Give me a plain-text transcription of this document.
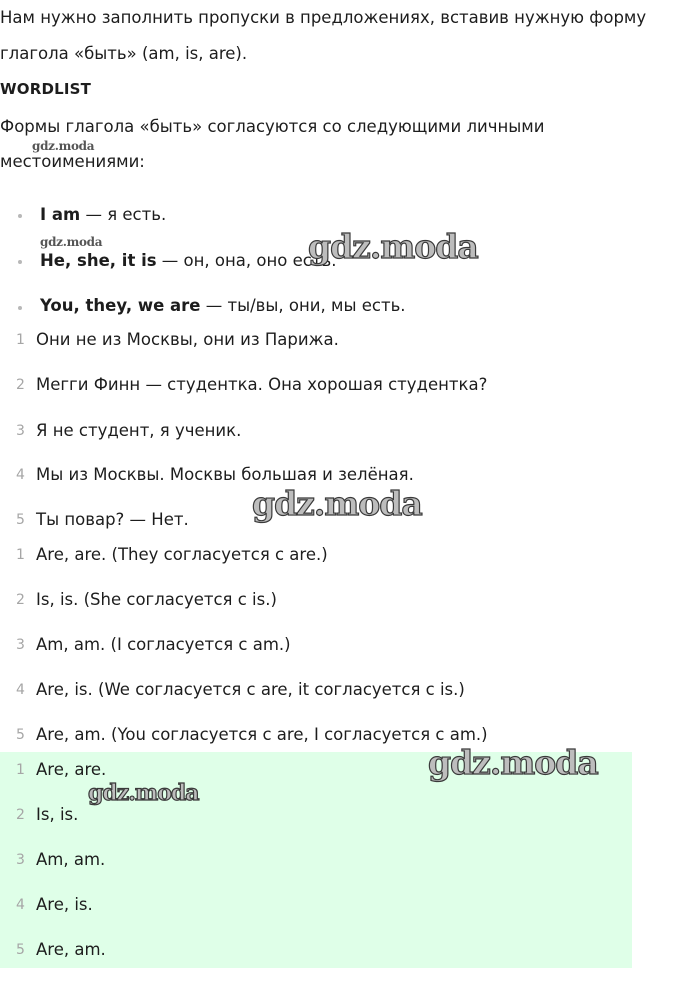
Нам нужно заполнить пропуски в предложениях, вставив нужную форму
глагола «быть» (am, is, are).
WORDLIST
Формы глагола «быть» согласуются со следующими личными
местоимениями:
I am — я есть.
He, she, it is — он, она, оно есть.
You, they, we are — ты/вы, они, мы есть.
1 Они не из Москвы, они из Парижа.
2 Мегги Финн — студентка. Она хорошая студентка?
3 Я не студент, я ученик.
4 Мы из Москвы. Москвы большая и зелёная.
5 Ты повар? — Нет.
1 Are, are. (They согласуется с are.)
2 Is, is. (She согласуется с is.)
3 Am, am. (I согласуется с am.)
4 Are, is. (We согласуется с are, it согласуется с is.)
5 Are, am. (You согласуется с are, I согласуется с am.)
1 Are, are.
2 Is, is.
3 Am, am.
4 Are, is.
5 Are, am.
gdz.moda
gdz.moda	gdz.moda
gdz.moda
gdz.moda
gdz.moda
